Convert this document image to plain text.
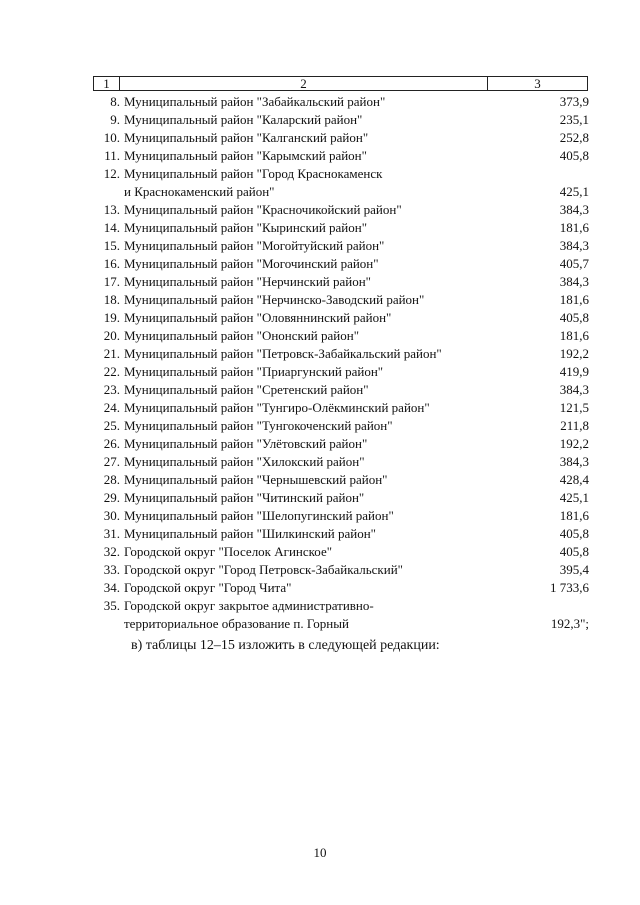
1	2	3
8. Муниципальный район "Забайкальский район"	373,9
9. Муниципальный район "Каларский район"	235,1
10. Муниципальный район "Калганский район"	252,8
11. Муниципальный район "Карымский район"	405,8
12. Муниципальный район "Город Краснокаменск
и Краснокаменский район"	425,1
13. Муниципальный район "Красночикойский район"	384,3
14. Муниципальный район "Кыринский район"	181,6
15. Муниципальный район "Могойтуйский район"	384,3
16. Муниципальный район "Могочинский район"	405,7
17. Муниципальный район "Нерчинский район"	384,3
18. Муниципальный район "Нерчинско-Заводский район"	181,6
19. Муниципальный район "Оловяннинский район"	405,8
20. Муниципальный район "Ононский район"	181,6
21. Муниципальный район "Петровск-Забайкальский район"	192,2
22. Муниципальный район "Приаргунский район"	419,9
23. Муниципальный район "Сретенский район"	384,3
24. Муниципальный район "Тунгиро-Олёкминский район"	121,5
25. Муниципальный район "Тунгокоченский район"	211,8
26. Муниципальный район "Улётовский район"	192,2
27. Муниципальный район "Хилокский район"	384,3
28. Муниципальный район "Чернышевский район"	428,4
29. Муниципальный район "Читинский район"	425,1
30. Муниципальный район "Шелопугинский район"	181,6
31. Муниципальный район "Шилкинский район"	405,8
32. Городской округ "Поселок Агинское"	405,8
33. Городской округ "Город Петровск-Забайкальский"	395,4
34. Городской округ "Город Чита"	1 733,6
35. Городской округ закрытое административно-
территориальное образование п. Горный	192,3";
в) таблицы 12–15 изложить в следующей редакции:
10
